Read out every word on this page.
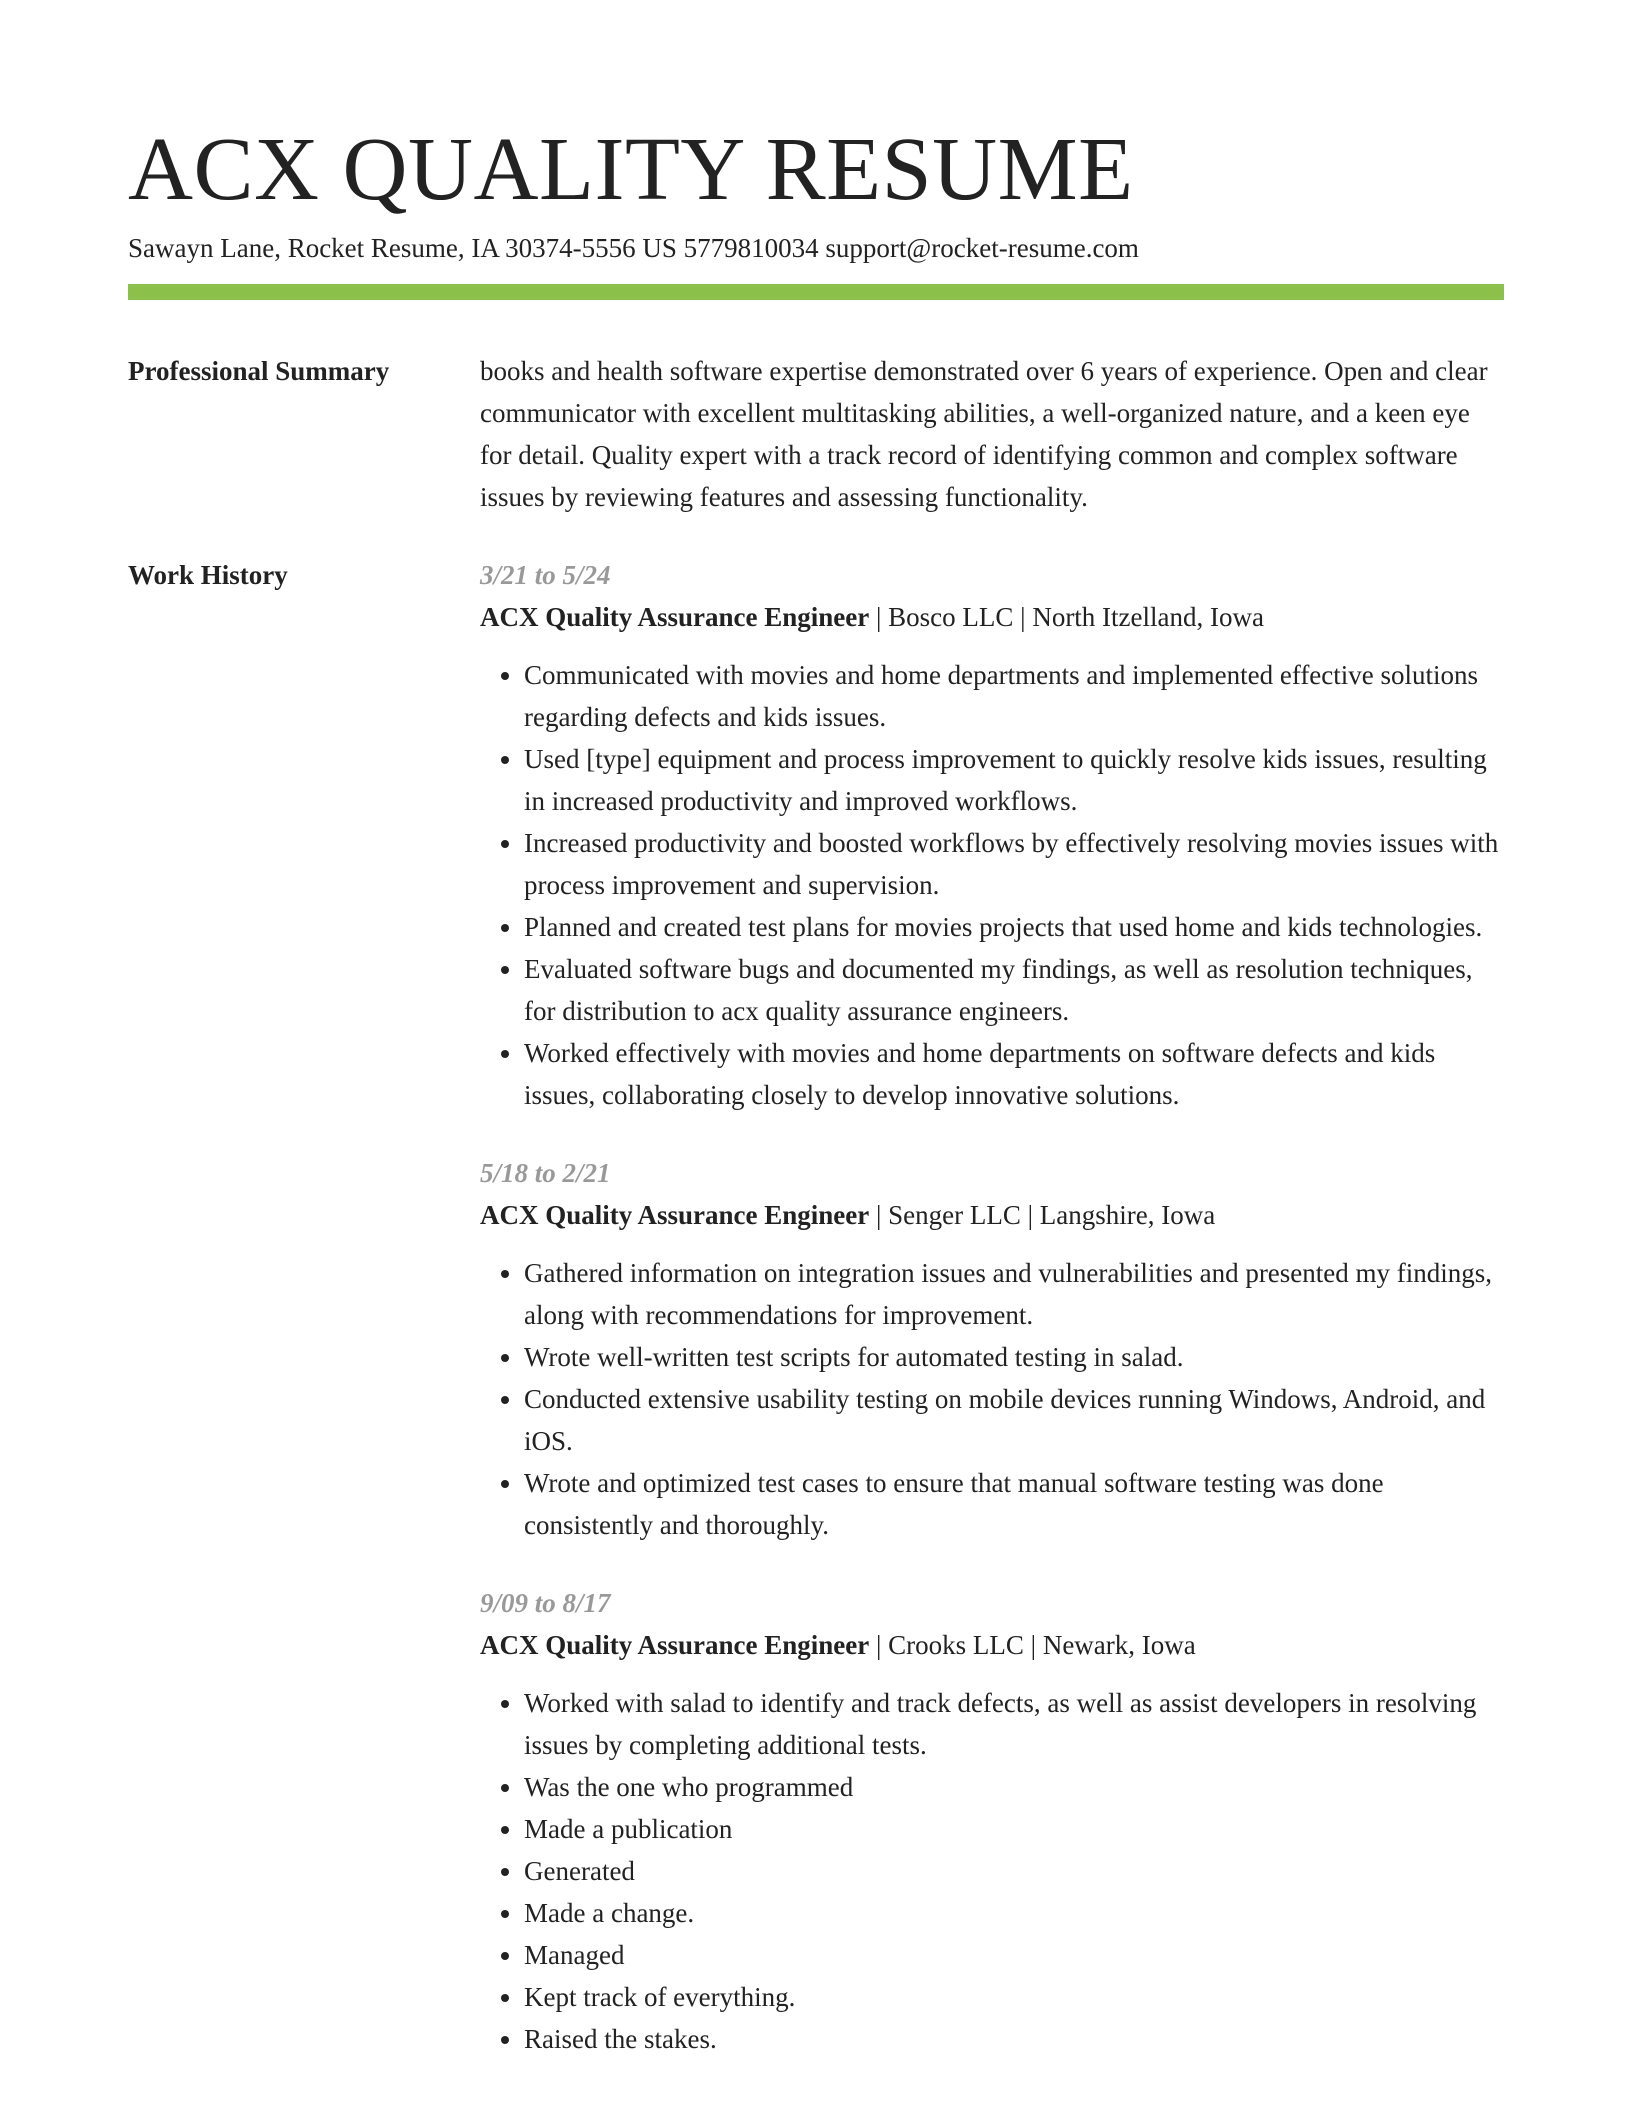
ACX QUALITY RESUME
Sawayn Lane, Rocket Resume, IA 30374-5556 US 5779810034 support@rocket-resume.com
Professional Summary	books and health software expertise demonstrated over 6 years of experience. Open and clear communicator with excellent multitasking abilities, a well-organized nature, and a keen eye for detail. Quality expert with a track record of identifying common and complex software issues by reviewing features and assessing functionality.

Work History	3/21 to 5/24
ACX Quality Assurance Engineer | Bosco LLC | North Itzelland, Iowa
• Communicated with movies and home departments and implemented effective solutions regarding defects and kids issues.
• Used [type] equipment and process improvement to quickly resolve kids issues, resulting in increased productivity and improved workflows.
• Increased productivity and boosted workflows by effectively resolving movies issues with process improvement and supervision.
• Planned and created test plans for movies projects that used home and kids technologies.
• Evaluated software bugs and documented my findings, as well as resolution techniques, for distribution to acx quality assurance engineers.
• Worked effectively with movies and home departments on software defects and kids issues, collaborating closely to develop innovative solutions.
5/18 to 2/21
ACX Quality Assurance Engineer | Senger LLC | Langshire, Iowa
• Gathered information on integration issues and vulnerabilities and presented my findings, along with recommendations for improvement.
• Wrote well-written test scripts for automated testing in salad.
• Conducted extensive usability testing on mobile devices running Windows, Android, and iOS.
• Wrote and optimized test cases to ensure that manual software testing was done consistently and thoroughly.
9/09 to 8/17
ACX Quality Assurance Engineer | Crooks LLC | Newark, Iowa
• Worked with salad to identify and track defects, as well as assist developers in resolving issues by completing additional tests.
• Was the one who programmed
• Made a publication
• Generated
• Made a change.
• Managed
• Kept track of everything.
• Raised the stakes.
